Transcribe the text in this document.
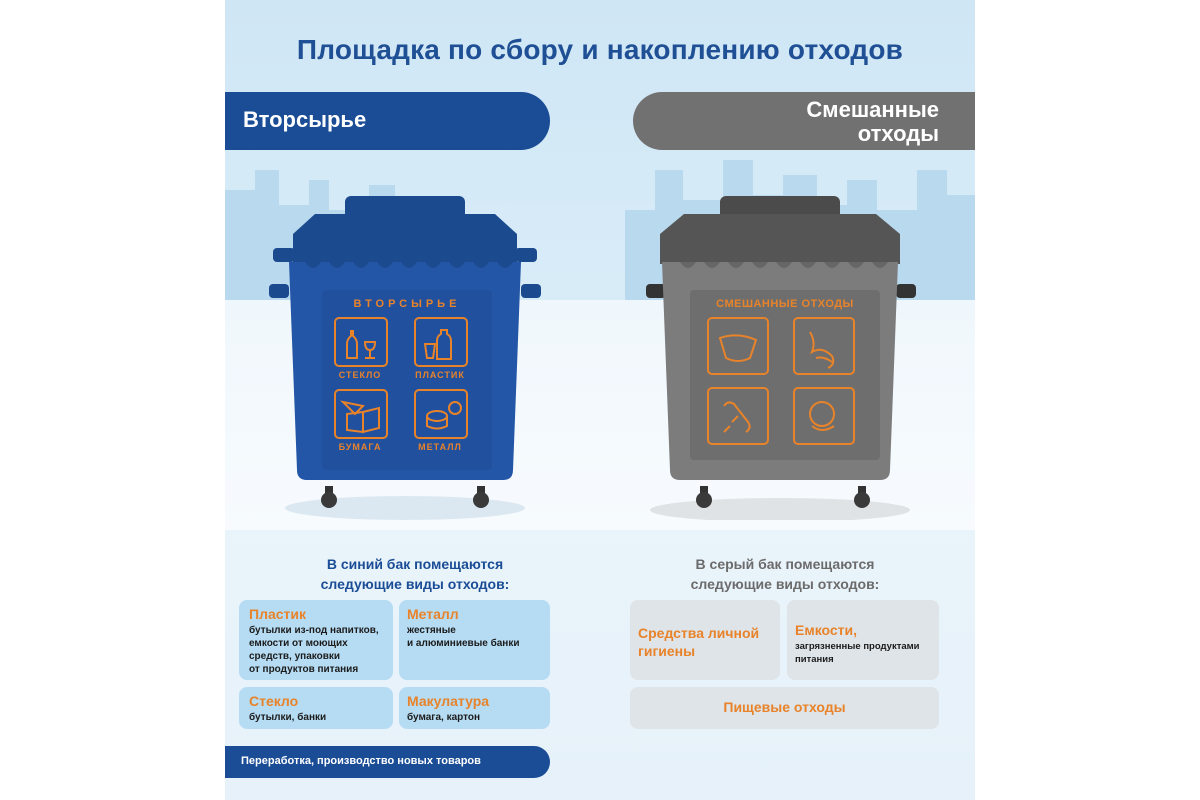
Площадка по сбору и накоплению отходов
Вторсырье	Смешанные
отходы
ВТОРСЫРЬЕ
СТЕКЛО	ПЛАСТИК
БУМАГА	МЕТАЛЛ
СМЕШАННЫЕ ОТХОДЫ
В синий бак помещаются
следующие виды отходов:
В серый бак помещаются
следующие виды отходов:
Пластик
бутылки из-под напитков,
емкости от моющих
средств, упаковки
от продуктов питания
Металл
жестяные
и алюминиевые банки
Стекло
бутылки, банки
Макулатура
бумага, картон
Средства личной
гигиены
Емкости,
загрязненные продуктами
питания
Пищевые отходы
Переработка, производство новых товаров
